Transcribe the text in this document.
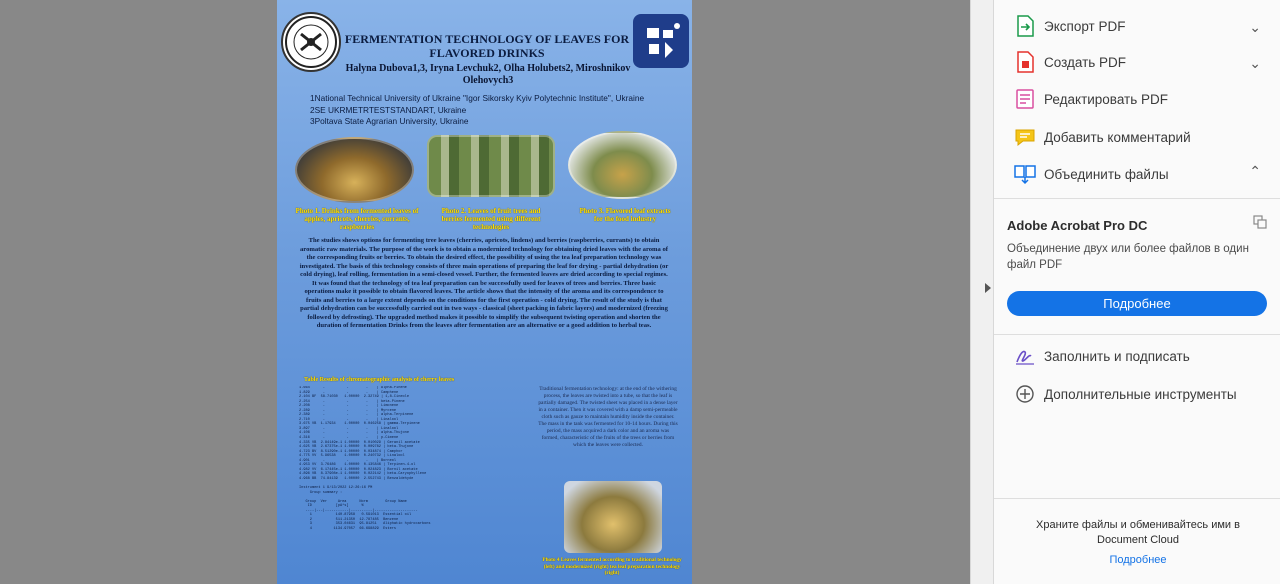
FERMENTATION TECHNOLOGY OF LEAVES FOR FLAVORED DRINKS
Halyna Dubova1,3, Iryna Levchuk2, Olha Holubets2, Miroshnikov Olehovych3
1National Technical University of Ukraine "Igor Sikorsky Kyiv Polytechnic Institute", Ukraine
2SE UKRMETRTESTSTANDART, Ukraine
3Poltava State Agrarian University, Ukraine
Photo 1. Drinks from fermented leaves of apples, apricots, cherries, currants, raspberries
Photo 2. Leaves of fruit trees and berries fermented using different technologies
Photo 3. Flavored leaf extracts for the food industry
The studies shows options for fermenting tree leaves (cherries, apricots, lindens) and berries (raspberries, currants) to obtain aromatic raw materials. The purpose of the work is to obtain a modernized technology for obtaining dried leaves with the aroma of the corresponding fruits or berries. To obtain the desired effect, the possibility of using the tea leaf preparation technology was investigated. The basis of this technology consists of three main operations of preparing the leaf for drying - partial dehydration (or cold drying), leaf rolling, fermentation in a semi-closed vessel. Further, the fermented leaves are dried according to special regimes. It was found that the technology of tea leaf preparation can be successfully used for leaves of trees and berries. Three basic operations make it possible to obtain flavored leaves. The article shows that the intensity of the aroma and its correspondence to fruits and berries to a large extent depends on the conditions for the first operation - cold drying. The result of the study is that partial dehydration can be successfully carried out in two ways - classical (sheet packing in fabric layers) and modernized (freezing followed by defrosting). The upgraded method makes it possible to simplify the subsequent twisting operation and shorten the duration of fermentation Drinks from the leaves after fermentation are an alternative or a good addition to herbal teas.
Table Results of chromatographic analysis of cherry leaves
1.664      -          -        -    | Alpha-Pinene
1.829      -          -        -    | Camphene
2.104 BF  58.71030   1.00000  2.32749 | 1,8-Cineole
2.254      -          -        -    | beta-Pinene
2.208      -          -        -    | Limonene
2.289      -          -        -    | Myrcene
2.389      -          -        -    | alpha-Terpinene
2.710      -          -        -    | Linalool
3.675 VB  1.17934    1.00000  0.046258 | gamma-Terpinene
3.897      -          -        -    | Linalool
4.106      -          -        -    | alpha-Thujone
4.316      -          -        -    | p-Cimene
4.335 VB  2.84149e-1 1.00000  0.010029 | Geranil acetate
4.625 VB  2.67375e-1 1.00000  0.009782 | beta-Thujone
4.723 BV  8.51290e-1 1.00000  0.034874 | Camphor
4.775 VV  5.96538    1.00000  0.240732 | Linalool
4.901      -          -        -    | Borneol
4.953 VV  3.76486    1.00000  0.135846 | Terpinen-4-ol
4.982 VV  6.17445e-1 1.00000  0.024823 | Bornil acetate
4.896 VB  8.37908e-1 1.00000  0.022142 | beta-Caryophyllene
4.968 BB  74.84139   1.00000  2.552743 | Benzaldehyde

Instrument 1 9/13/2022 12:26:16 PM
Group summary :

Group  Ver     Area      Norm        Group Name
ID           [pA*s]      %
----|---|-----------|----------|--------------------
1           140.87958   0.591013  Essential oil
2           511.21350  12.787485  Benzene
3           353.04631  95.81251   Aliphatic hydrocarbons
4          1134.97057  66.698829  Esters
Traditional fermentation technology: at the end of the withering process, the leaves are twisted into a tube, so that the leaf is partially damaged. The twisted sheet was placed in a dense layer in a container. Then it was covered with a damp semi-permeable cloth such as gauze to maintain humidity inside the container. The mass in the tank was fermented for 10-14 hours. During this period, the mass acquired a dark color and an aroma was formed, characteristic of the fruits of the trees or berries from which the leaves were collected.
Photo 4 Leaves fermented according to traditional technology (left) and modernized (right) tea leaf preparation technology (right)
Экспорт PDF	⌄
Создать PDF	⌄
Редактировать PDF
Добавить комментарий
Объединить файлы	⌃
Adobe Acrobat Pro DC
Объединение двух или более файлов в один файл PDF
Подробнее
Заполнить и подписать
Дополнительные инструменты
Храните файлы и обменивайтесь ими в Document Cloud
Подробнее
